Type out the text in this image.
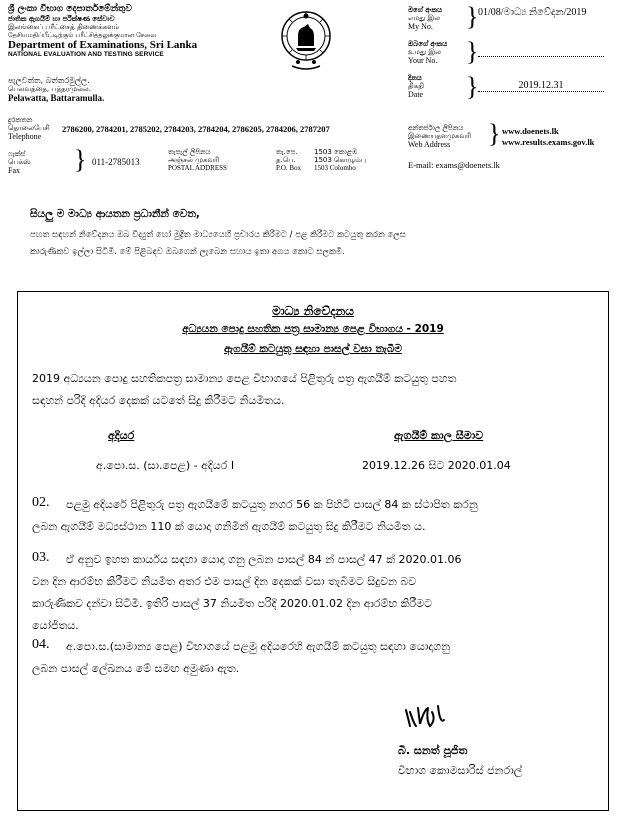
ශ්‍රී ලංකා විභාග දෙපාර්තමේන්තුව
ජාතික ඇගයීම් හා පරීක්ෂණ සේවාව
இலங்கைப் பரீட்சைத் திணைக்களம்
தேசியமதிப்பீட்டிற்கும் பரீட்சித்தலுக்குமான சேவை
Department of Examinations, Sri Lanka
NATIONAL EVALUATION AND TESTING SERVICE
මගේ අංකය
எமது இல
My No.	} 01/08/මාධ්‍ය නිවේදන/2019
ඔබගේ අංකය
உமது இல
Your No.	}
දිනය
திகதி
Date	}	2019.12.31
පැලවත්ත, බත්තරමුල්ල.
பெலவத்தை, பத்தரமுல்ல.
Pelawatta, Battaramulla.
දුරකතන
தொலைபேசி
Telephone
2786200, 2784201, 2785202, 2784203, 2784204, 2786205, 2784206, 2787207
ෆැක්ස්
பெக்ஸ்
Fax	} 011-2785013
තැපැල් ලිපිනය
அஞ்சல் முகவரி
POSTAL ADDRESS
තැ.පෙ.
த.பெ.
P.O. Box
1503 කොළඹ
1503 கொழும்பு
1503 Colombo
අන්තර්ජාල ලිපිනය
இணையதளமுகவரி
Web Address	} www.doenets.lk
www.results.exams.gov.lk
E-mail: exams@doenets.lk
සියලු ම මාධ්‍ය ආයතන ප්‍රධානීන් වෙත,
පහත සඳහන් නිවේදනය ඔබ විද්‍යුත් හෝ මුද්‍රිත මාධ්‍යයෙහි ප්‍රචාරය කිරීමට / පළ කිරීමට කටයුතු කරන ලෙස
කාරුණිකව ඉල්ලා සිටිමි. මේ පිළිබඳව ඔබගෙන් ලැබෙන සහාය ඉතා අගය කොට සලකමි.
මාධ්‍ය නිවේදනය
අධ්‍යයන පොදු සහතික පත්‍ර සාමාන්‍ය පෙළ විභාගය - 2019
ඇගයීම් කටයුතු සඳහා පාසල් වසා තැබීම
2019 අධ්‍යයන පොදු සහතිකපත්‍ර සාමාන්‍ය පෙළ විභාගයේ පිළිතුරු පත්‍ර ඇගයීම් කටයුතු පහත
සඳහන් පරිදි අදියර දෙකක් යටතේ සිදු කිරීමට නියමිතය.
අදියර	ඇගයීම් කාල සීමාව
අ.පො.ස. (සා.පෙළ) - අදියර I	2019.12.26 සිට 2020.01.04
02.	පළමු අදියරේ පිළිතුරු පත්‍ර ඇගයීමේ කටයුතු නගර 56 ක පිහිටි පාසල් 84 ක ස්ථාපිත කරනු
ලබන ඇගයීම් මධ්‍යස්ථාන 110 ක් යොදා ගනිමින් ඇගයීම් කටයුතු සිදු කිරීමට නියමිත ය.
03.	ඒ අනුව ඉහත කාර්යය සඳහා යොදා ගනු ලබන පාසල් 84 න් පාසල් 47 ක් 2020.01.06
වන දින ආරම්භ කිරීමට නියමිත අතර එම පාසල් දින දෙකක් වසා තැබීමට සිදුවන බව
කාරුණිකව දන්වා සිටිමි. ඉතිරි පාසල් 37 නියමිත පරිදි 2020.01.02 දින ආරම්භ කිරීමට
යෝජිතය.
04.	අ.පො.ස.(සාමාන්‍ය පෙළ) විභාගයේ පළමු අදියරෙහි ඇගයීම් කටයුතු සඳහා යොදාගනු
ලබන පාසල් ලේඛනය මේ සමඟ අමුණා ඇත.
බී. සනත් පූජිත
විභාග කොමසාරිස් ජනරාල්
